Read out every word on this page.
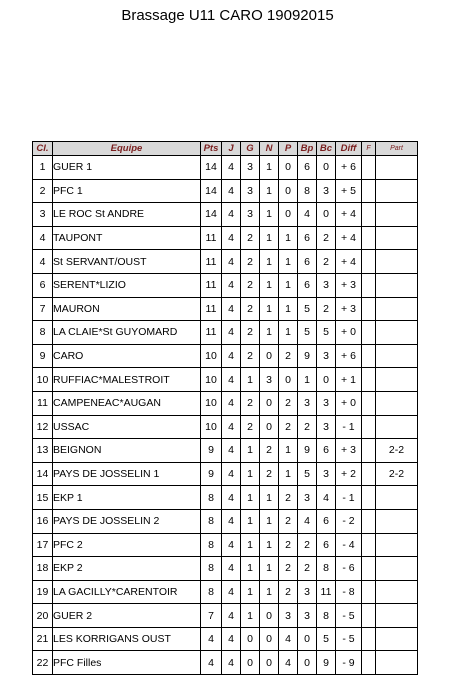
Brassage U11 CARO 19092015
Cl.	Equipe	Pts	J	G	N	P	Bp	Bc	Diff	F	Part
1	GUER 1	14	4	3	1	0	6	0	+ 6		
2	PFC 1	14	4	3	1	0	8	3	+ 5		
3	LE ROC St ANDRE	14	4	3	1	0	4	0	+ 4		
4	TAUPONT	11	4	2	1	1	6	2	+ 4		
4	St SERVANT/OUST	11	4	2	1	1	6	2	+ 4		
6	SERENT*LIZIO	11	4	2	1	1	6	3	+ 3		
7	MAURON	11	4	2	1	1	5	2	+ 3		
8	LA CLAIE*St GUYOMARD	11	4	2	1	1	5	5	+ 0		
9	CARO	10	4	2	0	2	9	3	+ 6		
10	RUFFIAC*MALESTROIT	10	4	1	3	0	1	0	+ 1		
11	CAMPENEAC*AUGAN	10	4	2	0	2	3	3	+ 0		
12	USSAC	10	4	2	0	2	2	3	- 1		
13	BEIGNON	9	4	1	2	1	9	6	+ 3		2-2
14	PAYS DE JOSSELIN 1	9	4	1	2	1	5	3	+ 2		2-2
15	EKP 1	8	4	1	1	2	3	4	- 1		
16	PAYS DE JOSSELIN 2	8	4	1	1	2	4	6	- 2		
17	PFC 2	8	4	1	1	2	2	6	- 4		
18	EKP 2	8	4	1	1	2	2	8	- 6		
19	LA GACILLY*CARENTOIR	8	4	1	1	2	3	11	- 8		
20	GUER 2	7	4	1	0	3	3	8	- 5		
21	LES KORRIGANS OUST	4	4	0	0	4	0	5	- 5		
22	PFC Filles	4	4	0	0	4	0	9	- 9		
